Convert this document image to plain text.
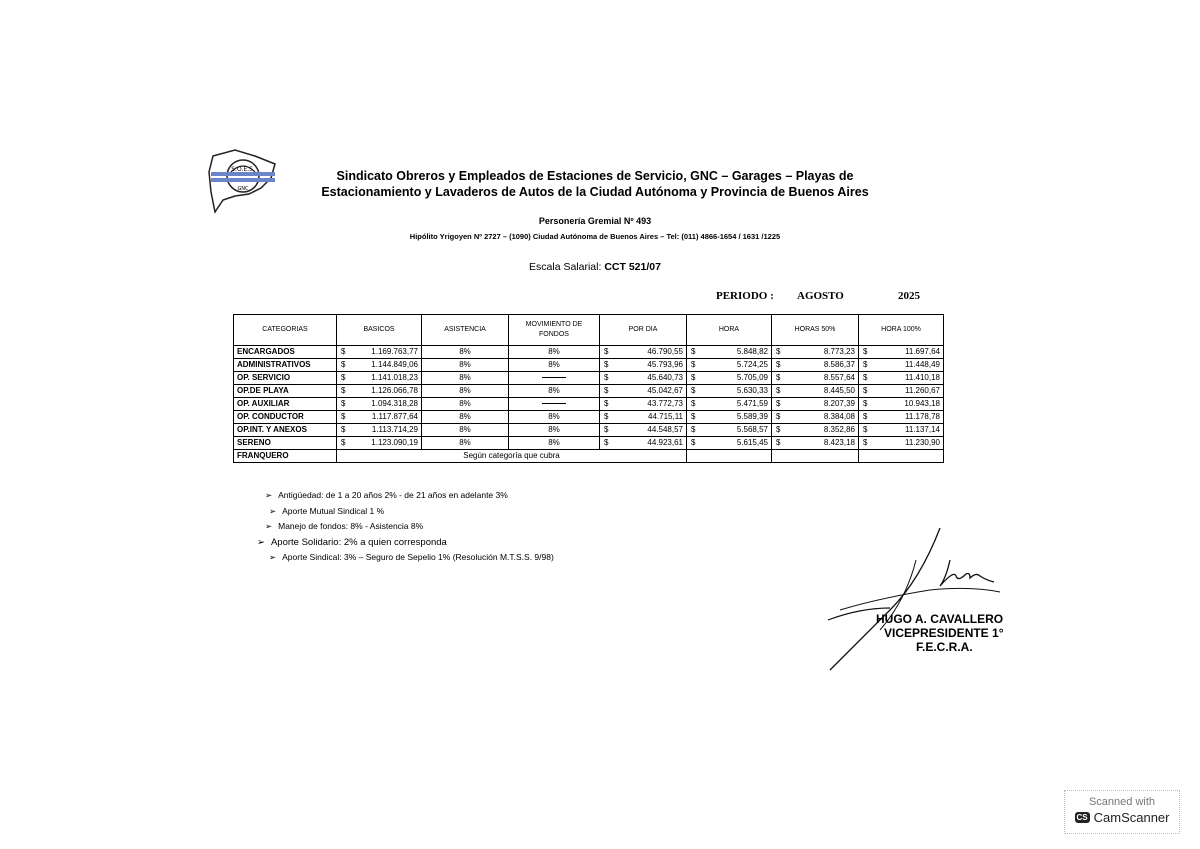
S.O.E.S.
GNC
Sindicato Obreros y Empleados de Estaciones de Servicio, GNC – Garages – Playas de
Estacionamiento y Lavaderos de Autos de la Ciudad Autónoma y Provincia de Buenos Aires
Personería Gremial Nº 493
Hipólito Yrigoyen Nº 2727 – (1090) Ciudad Autónoma de Buenos Aires – Tel: (011) 4866-1654 / 1631 /1225
Escala Salarial: CCT 521/07
PERIODO : AGOSTO	2025
CATEGORIAS	BASICOS	ASISTENCIA	MOVIMIENTO DE FONDOS	POR DIA	HORA	HORAS 50%	HORA 100%
ENCARGADOS	$ 1.169.763,77	8%	8%	$ 46.790,55	$ 5.848,82	$ 8.773,23	$ 11.697,64

ADMINISTRATIVOS	$ 1.144.849,06	8%	8%	$ 45.793,96	$ 5.724,25	$ 8.586,37	$ 11.448,49

OP. SERVICIO	$ 1.141.018,23	8%		$ 45.640,73	$ 5.705,09	$ 8.557,64	$ 11.410,18

OP.DE PLAYA	$ 1.126.066,78	8%	8%	$ 45.042,67	$ 5.630,33	$ 8.445,50	$ 11.260,67

OP. AUXILIAR	$ 1.094.318,28	8%		$ 43.772,73	$ 5.471,59	$ 8.207,39	$ 10.943,18

OP. CONDUCTOR	$ 1.117.877,64	8%	8%	$ 44.715,11	$ 5.589,39	$ 8.384,08	$ 11.178,78

OP.INT. Y ANEXOS	$ 1.113.714,29	8%	8%	$ 44.548,57	$ 5.568,57	$ 8.352,86	$ 11.137,14

SERENO	$ 1.123.090,19	8%	8%	$ 44.923,61	$ 5.615,45	$ 8.423,18	$ 11.230,90

FRANQUERO	Según categoría que cubra						
➢ Antigüedad: de 1 a 20 años 2% - de 21 años en adelante 3%
➢ Aporte Mutual Sindical 1 %
➢ Manejo de fondos: 8% - Asistencia 8%
➢ Aporte Solidario: 2% a quien corresponda
➢ Aporte Sindical: 3% – Seguro de Sepelio 1% (Resolución M.T.S.S. 9/98)
HUGO A. CAVALLERO
VICEPRESIDENTE 1°
F.E.C.R.A.
Scanned with
CS CamScanner
